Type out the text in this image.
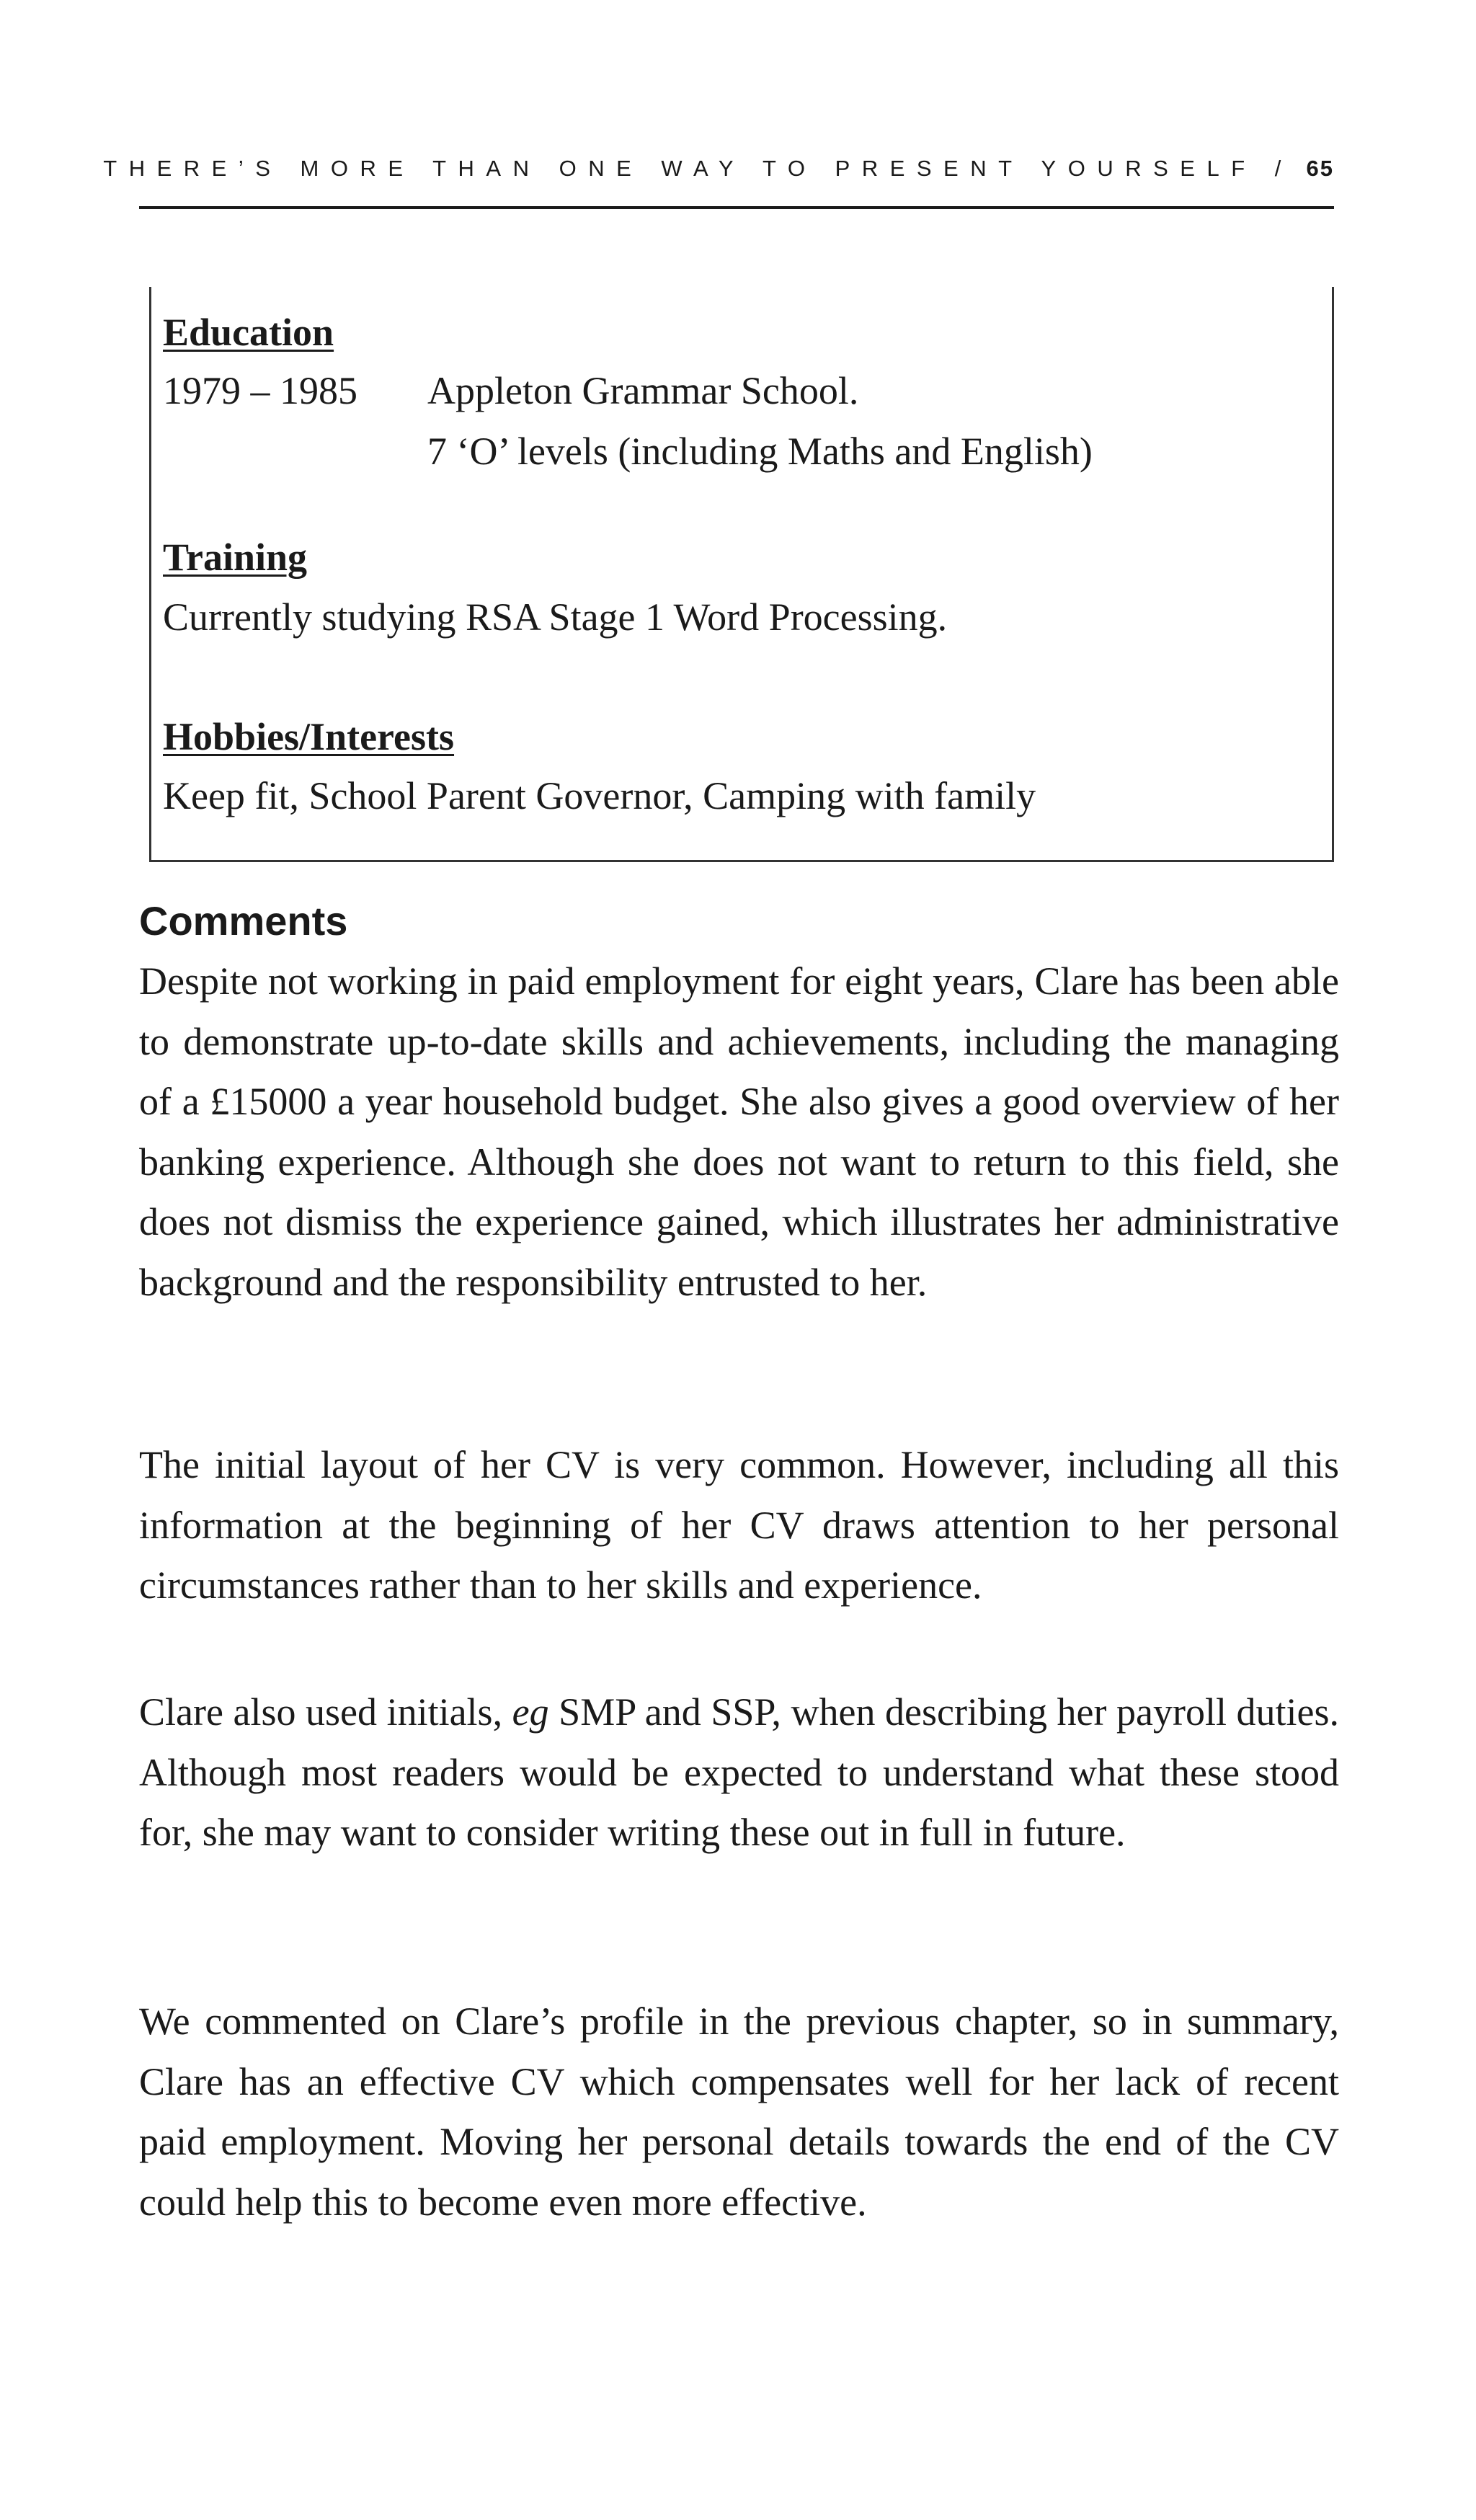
THERE’S MORE THAN ONE WAY TO PRESENT YOURSELF / 65
Education
1979 – 1985 Appleton Grammar School.
7 ‘O’ levels (including Maths and English)
Training
Currently studying RSA Stage 1 Word Processing.
Hobbies/Interests
Keep fit, School Parent Governor, Camping with family
Comments
Despite not working in paid employment for eight years, Clare has been able to demonstrate up-to-date skills and achievements, including the managing of a £15000 a year household budget. She also gives a good overview of her banking experience. Although she does not want to return to this field, she does not dismiss the experience gained, which illustrates her administrative background and the responsibility entrusted to her.
The initial layout of her CV is very common. However, including all this information at the beginning of her CV draws attention to her personal circumstances rather than to her skills and experience.
Clare also used initials, eg SMP and SSP, when describing her payroll duties. Although most readers would be expected to understand what these stood for, she may want to consider writing these out in full in future.
We commented on Clare’s profile in the previous chapter, so in summary, Clare has an effective CV which compensates well for her lack of recent paid employment. Moving her personal details towards the end of the CV could help this to become even more effective.
